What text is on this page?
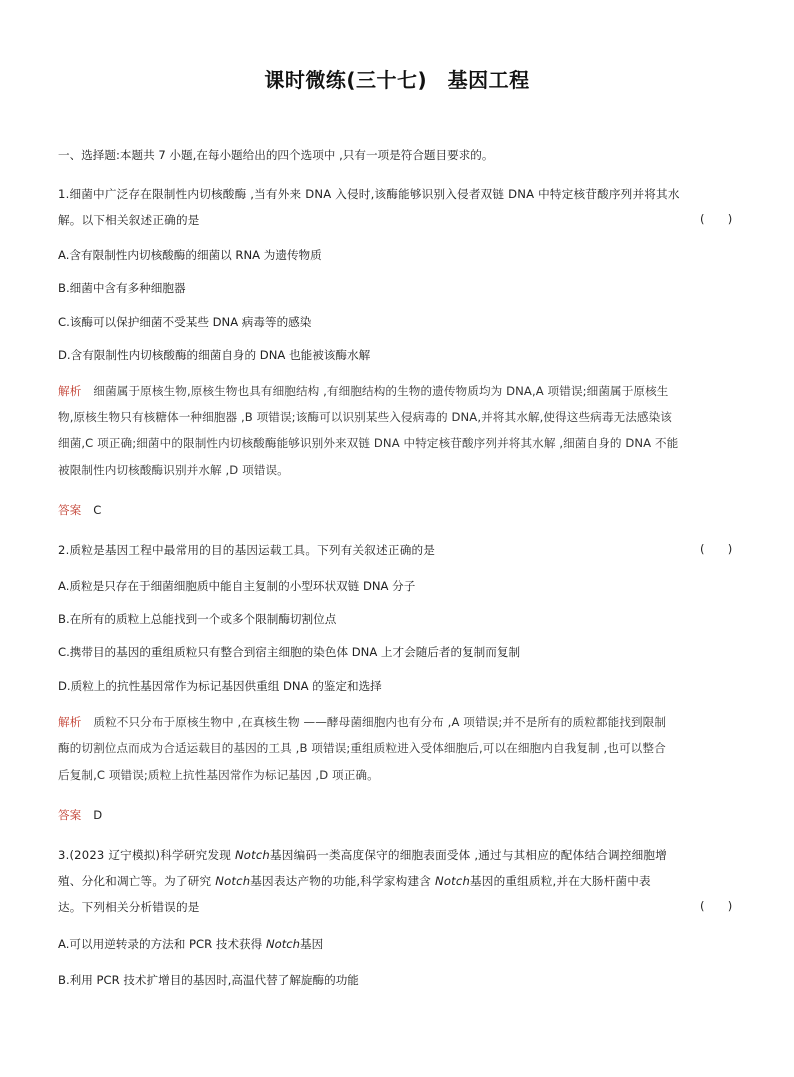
课时微练(三十七)　基因工程
一、选择题:本题共 7 小题,在每小题给出的四个选项中 ,只有一项是符合题目要求的。
1.细菌中广泛存在限制性内切核酸酶 ,当有外来 DNA 入侵时,该酶能够识别入侵者双链 DNA 中特定核苷酸序列并将其水
解。以下相关叙述正确的是	(　　)
A.含有限制性内切核酸酶的细菌以 RNA 为遗传物质
B.细菌中含有多种细胞器
C.该酶可以保护细菌不受某些 DNA 病毒等的感染
D.含有限制性内切核酸酶的细菌自身的 DNA 也能被该酶水解
解析 细菌属于原核生物,原核生物也具有细胞结构 ,有细胞结构的生物的遗传物质均为 DNA,A 项错误;细菌属于原核生
物,原核生物只有核糖体一种细胞器 ,B 项错误;该酶可以识别某些入侵病毒的 DNA,并将其水解,使得这些病毒无法感染该
细菌,C 项正确;细菌中的限制性内切核酸酶能够识别外来双链 DNA 中特定核苷酸序列并将其水解 ,细菌自身的 DNA 不能
被限制性内切核酸酶识别并水解 ,D 项错误。
答案 C
2.质粒是基因工程中最常用的目的基因运载工具。下列有关叙述正确的是	(　　)
A.质粒是只存在于细菌细胞质中能自主复制的小型环状双链 DNA 分子
B.在所有的质粒上总能找到一个或多个限制酶切割位点
C.携带目的基因的重组质粒只有整合到宿主细胞的染色体 DNA 上才会随后者的复制而复制
D.质粒上的抗性基因常作为标记基因供重组 DNA 的鉴定和选择
解析 质粒不只分布于原核生物中 ,在真核生物 ——酵母菌细胞内也有分布 ,A 项错误;并不是所有的质粒都能找到限制
酶的切割位点而成为合适运载目的基因的工具 ,B 项错误;重组质粒进入受体细胞后,可以在细胞内自我复制 ,也可以整合
后复制,C 项错误;质粒上抗性基因常作为标记基因 ,D 项正确。
答案 D
3.(2023 辽宁模拟)科学研究发现 Notch基因编码一类高度保守的细胞表面受体 ,通过与其相应的配体结合调控细胞增
殖、分化和凋亡等。为了研究 Notch基因表达产物的功能,科学家构建含 Notch基因的重组质粒,并在大肠杆菌中表
达。下列相关分析错误的是	(　　)
A.可以用逆转录的方法和 PCR 技术获得 Notch基因
B.利用 PCR 技术扩增目的基因时,高温代替了解旋酶的功能
